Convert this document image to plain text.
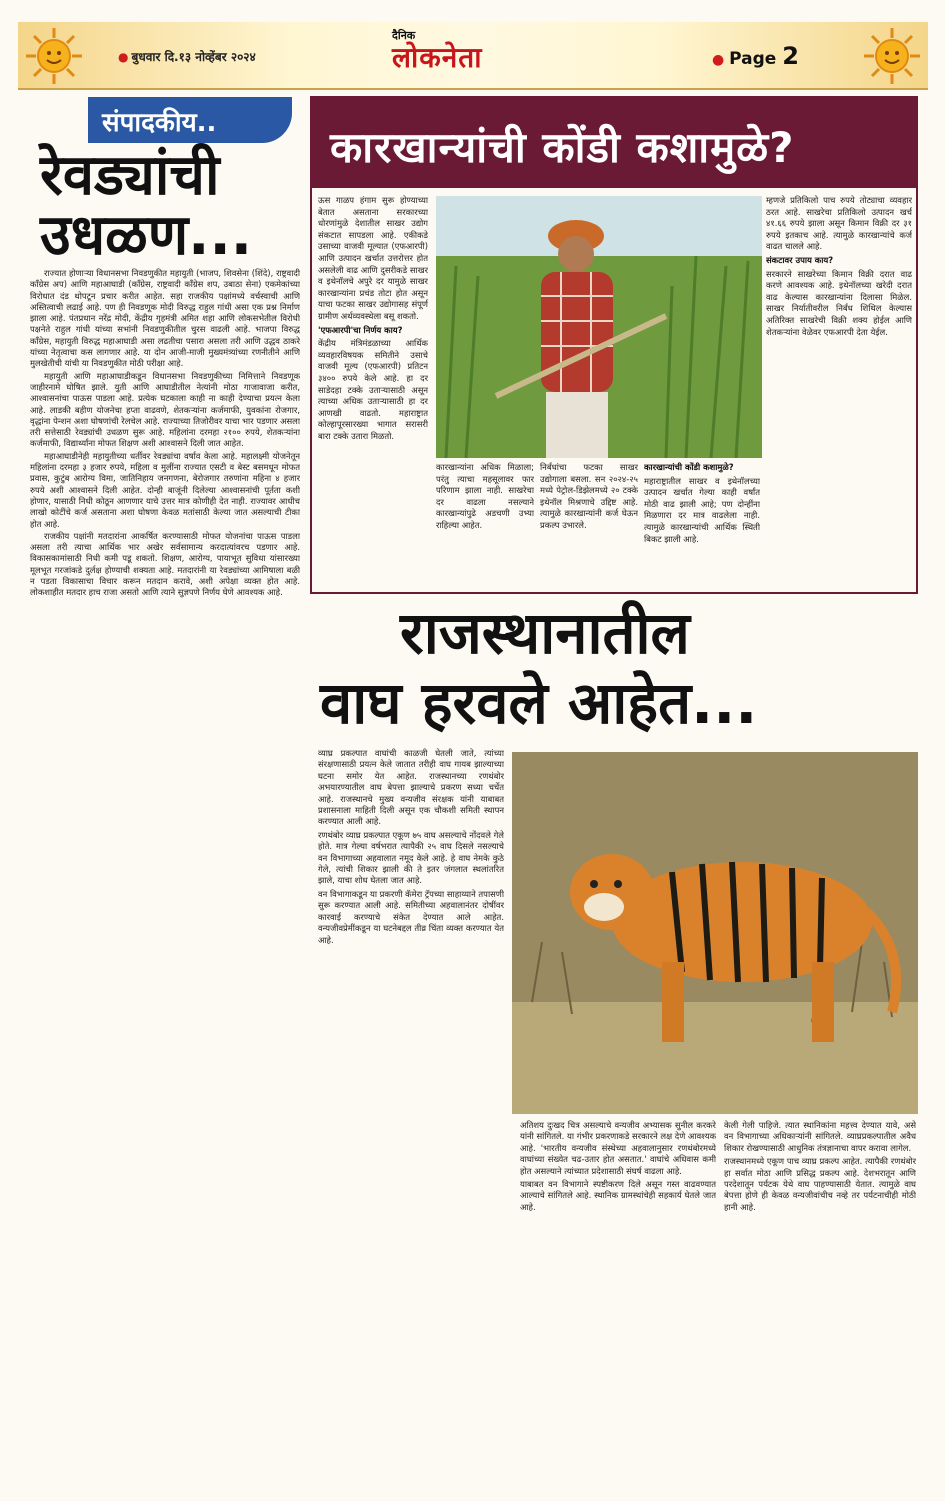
● बुधवार दि.१३ नोव्हेंबर २०२४
दैनिक
लोकनेता	● Page 2
संपादकीय..
रेवड्यांची उधळण...

राज्यात होणाऱ्या विधानसभा निवडणुकीत महायुती (भाजप, शिवसेना (शिंदे), राष्ट्रवादी काँग्रेस अप) आणि महाआघाडी (काँग्रेस, राष्ट्रवादी काँग्रेस शप, उबाठा सेना) एकमेकांच्या विरोधात दंड थोपटून प्रचार करीत आहेत. सहा राजकीय पक्षांमध्ये वर्चस्वाची आणि अस्तित्वाची लढाई आहे. पण ही निवडणूक मोदी विरुद्ध राहुल गांधी असा एक प्रश्न निर्माण झाला आहे. पंतप्रधान नरेंद्र मोदी, केंद्रीय गृहमंत्री अमित शहा आणि लोकसभेतील विरोधी पक्षनेते राहुल गांधी यांच्या सभांनी निवडणुकीतील चुरस वाढली आहे. भाजपा विरुद्ध काँग्रेस, महायुती विरुद्ध महाआघाडी असा लढतीचा पसारा असला तरी आणि उद्धव ठाकरे यांच्या नेतृत्वाचा कस लागणार आहे. या दोन आजी-माजी मुख्यमंत्र्यांच्या रणनीतीने आणि मुलखेतीची यांची या निवडणुकीत मोठी परीक्षा आहे.

महायुती आणि महाआघाडीकडून विधानसभा निवडणुकीच्या निमित्ताने निवडणूक जाहीरनामे घोषित झाले. युती आणि आघाडीतील नेत्यांनी मोठा गाजावाजा करीत, आश्वासनांचा पाऊस पाडला आहे. प्रत्येक घटकाला काही ना काही देण्याचा प्रयत्न केला आहे. लाडकी बहीण योजनेचा हप्ता वाढवणे, शेतकऱ्यांना कर्जमाफी, युवकांना रोजगार, वृद्धांना पेन्शन अशा घोषणांची रेलचेल आहे. राज्याच्या तिजोरीवर याचा भार पडणार असला तरी सत्तेसाठी रेवड्यांची उधळण सुरू आहे. महिलांना दरमहा २१०० रुपये, शेतकऱ्यांना कर्जमाफी, विद्यार्थ्यांना मोफत शिक्षण अशी आश्वासने दिली जात आहेत.

महाआघाडीनेही महायुतीच्या धर्तीवर रेवड्यांचा वर्षाव केला आहे. महालक्ष्मी योजनेतून महिलांना दरमहा ३ हजार रुपये, महिला व मुलींना राज्यात एसटी व बेस्ट बसमधून मोफत प्रवास, कुटुंब आरोग्य विमा, जातिनिहाय जनगणना, बेरोजगार तरुणांना महिना ४ हजार रुपये अशी आश्वासने दिली आहेत. दोन्ही बाजूंनी दिलेल्या आश्वासनांची पूर्तता कशी होणार, यासाठी निधी कोठून आणणार याचे उत्तर मात्र कोणीही देत नाही. राज्यावर आधीच लाखो कोटींचे कर्ज असताना अशा घोषणा केवळ मतांसाठी केल्या जात असल्याची टीका होत आहे.

राजकीय पक्षांनी मतदारांना आकर्षित करण्यासाठी मोफत योजनांचा पाऊस पाडला असला तरी त्याचा आर्थिक भार अखेर सर्वसामान्य करदात्यांवरच पडणार आहे. विकासकामांसाठी निधी कमी पडू शकतो. शिक्षण, आरोग्य, पायाभूत सुविधा यांसारख्या मूलभूत गरजांकडे दुर्लक्ष होण्याची शक्यता आहे. मतदारांनी या रेवड्यांच्या आमिषाला बळी न पडता विकासाचा विचार करून मतदान करावे, अशी अपेक्षा व्यक्त होत आहे. लोकशाहीत मतदार हाच राजा असतो आणि त्याने सुज्ञपणे निर्णय घेणे आवश्यक आहे.

कारखान्यांची कोंडी कशामुळे?

ऊस गाळप हंगाम सुरू होण्याच्या बेतात असताना सरकारच्या धोरणांमुळे देशातील साखर उद्योग संकटात सापडला आहे. एकीकडे उसाच्या वाजवी मूल्यात (एफआरपी) आणि उत्पादन खर्चात उत्तरोत्तर होत असलेली वाढ आणि दुसरीकडे साखर व इथेनॉलचे अपुरे दर यामुळे साखर कारखान्यांना प्रचंड तोटा होत असून याचा फटका साखर उद्योगासह संपूर्ण ग्रामीण अर्थव्यवस्थेला बसू शकतो.

'एफआरपी'चा निर्णय काय?

केंद्रीय मंत्रिमंडळाच्या आर्थिक व्यवहारविषयक समितीने उसाचे वाजवी मूल्य (एफआरपी) प्रतिटन ३४०० रुपये केले आहे. हा दर साडेदहा टक्के उताऱ्यासाठी असून त्याच्या अधिक उताऱ्यासाठी हा दर आणखी वाढतो. महाराष्ट्रात कोल्हापूरसारख्या भागात सरासरी बारा टक्के उतारा मिळतो.

कारखान्यांना अधिक मिळाला; परंतु त्याचा महसूलावर फार परिणाम झाला नाही. साखरेचा दर वाढला नसल्याने कारखान्यांपुढे अडचणी उभ्या राहिल्या आहेत.

निर्बंधांचा फटका साखर उद्योगाला बसला. सन २०२४-२५ मध्ये पेट्रोल-डिझेलमध्ये २० टक्के इथेनॉल मिश्रणाचे उद्दिष्ट आहे. त्यामुळे कारखान्यांनी कर्ज घेऊन प्रकल्प उभारले.

कारखान्यांची कोंडी कशामुळे?

महाराष्ट्रातील साखर व इथेनॉलच्या उत्पादन खर्चात गेल्या काही वर्षांत मोठी वाढ झाली आहे; पण दोन्हींना मिळणारा दर मात्र वाढलेला नाही. त्यामुळे कारखान्यांची आर्थिक स्थिती बिकट झाली आहे.

म्हणजे प्रतिकिलो पाच रुपये तोट्याचा व्यवहार ठरत आहे. साखरेचा प्रतिकिलो उत्पादन खर्च ४१.६६ रुपये झाला असून किमान विक्री दर ३१ रुपये इतकाच आहे. त्यामुळे कारखान्यांचे कर्ज वाढत चालले आहे.

संकटावर उपाय काय?

सरकारने साखरेच्या किमान विक्री दरात वाढ करणे आवश्यक आहे. इथेनॉलच्या खरेदी दरात वाढ केल्यास कारखान्यांना दिलासा मिळेल. साखर निर्यातीवरील निर्बंध शिथिल केल्यास अतिरिक्त साखरेची विक्री शक्य होईल आणि शेतकऱ्यांना वेळेवर एफआरपी देता येईल.

राजस्थानातील
वाघ हरवले आहेत...

व्याघ्र प्रकल्पात वाघांची काळजी घेतली जाते, त्यांच्या संरक्षणासाठी प्रयत्न केले जातात तरीही वाघ गायब झाल्याच्या घटना समोर येत आहेत. राजस्थानच्या रणथंबोर अभयारण्यातील वाघ बेपत्ता झाल्याचे प्रकरण सध्या चर्चेत आहे. राजस्थानचे मुख्य वन्यजीव संरक्षक यांनी याबाबत प्रशासनाला माहिती दिली असून एक चौकशी समिती स्थापन करण्यात आली आहे.

रणथंबोर व्याघ्र प्रकल्पात एकूण ७५ वाघ असल्याचे नोंदवले गेले होते. मात्र गेल्या वर्षभरात त्यापैकी २५ वाघ दिसले नसल्याचे वन विभागाच्या अहवालात नमूद केले आहे. हे वाघ नेमके कुठे गेले, त्यांची शिकार झाली की ते इतर जंगलात स्थलांतरित झाले, याचा शोध घेतला जात आहे.

वन विभागाकडून या प्रकरणी कॅमेरा ट्रॅपच्या साहाय्याने तपासणी सुरू करण्यात आली आहे. समितीच्या अहवालानंतर दोषींवर कारवाई करण्याचे संकेत देण्यात आले आहेत. वन्यजीवप्रेमींकडून या घटनेबद्दल तीव्र चिंता व्यक्त करण्यात येत आहे.

अतिशय दुःखद चित्र असल्याचे वन्यजीव अभ्यासक सुनील करकरे यांनी सांगितले. या गंभीर प्रकरणाकडे सरकारने लक्ष देणे आवश्यक आहे. 'भारतीय वन्यजीव संस्थेच्या अहवालानुसार रणथंबोरमध्ये वाघांच्या संख्येत चढ-उतार होत असतात.' वाघांचे अधिवास कमी होत असल्याने त्यांच्यात प्रदेशासाठी संघर्ष वाढला आहे.

याबाबत वन विभागाने स्पष्टीकरण दिले असून गस्त वाढवण्यात आल्याचे सांगितले आहे. स्थानिक ग्रामस्थांचेही सहकार्य घेतले जात आहे.

केली गेली पाहिजे. त्यात स्थानिकांना महत्त्व देण्यात यावे, असे वन विभागाच्या अधिकाऱ्यांनी सांगितले. व्याघ्रप्रकल्पातील अवैध शिकार रोखण्यासाठी आधुनिक तंत्रज्ञानाचा वापर करावा लागेल.

राजस्थानमध्ये एकूण पाच व्याघ्र प्रकल्प आहेत. त्यापैकी रणथंबोर हा सर्वात मोठा आणि प्रसिद्ध प्रकल्प आहे. देशभरातून आणि परदेशातून पर्यटक येथे वाघ पाहण्यासाठी येतात. त्यामुळे वाघ बेपत्ता होणे ही केवळ वन्यजीवांचीच नव्हे तर पर्यटनाचीही मोठी हानी आहे.
